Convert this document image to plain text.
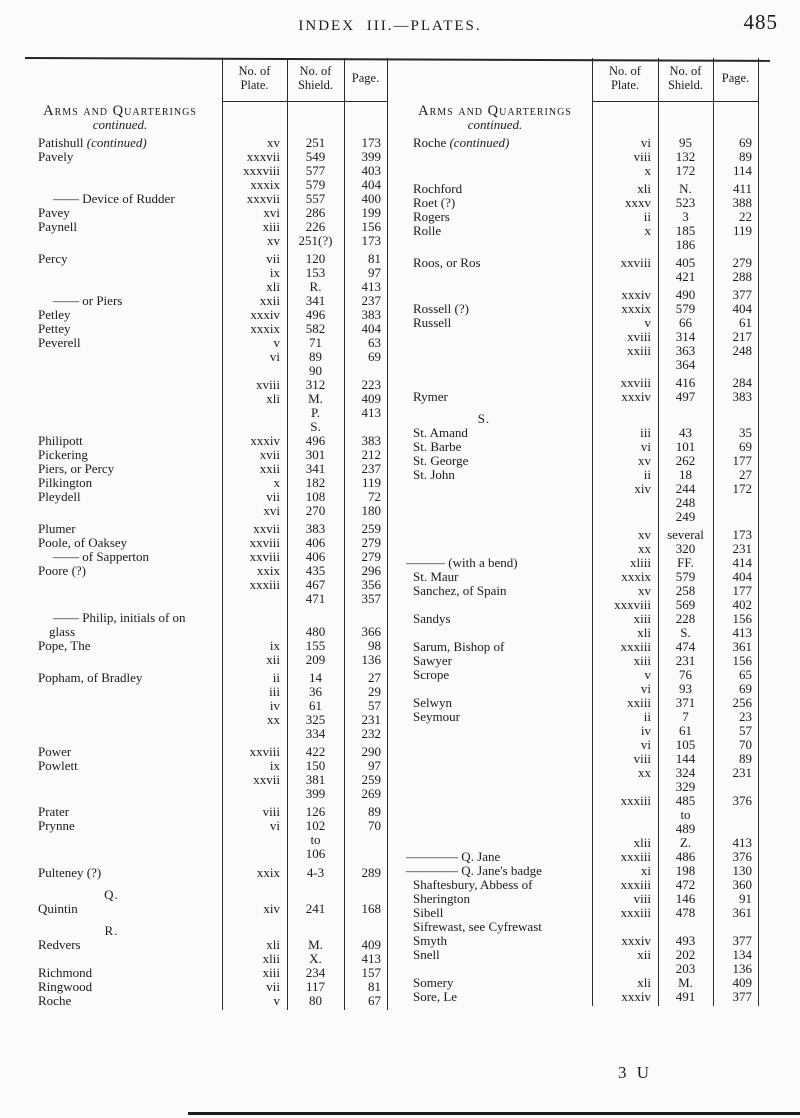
INDEX III.—PLATES.	485
No. of
Plate.
No. of
Shield.	Page.
Arms and Quarterings
continued.
Patishull (continued)	xv	251	173
Pavely	xxxvii	549	399
xxxviii	577	403
xxxix	579	404
—— Device of Rudder	xxxvii	557	400
Pavey	xvi	286	199
Paynell	xiii	226	156
xv	251(?)	173
Percy	vii	120	81
ix	153	97
xli	R.	413
—— or Piers	xxii	341	237
Petley	xxxiv	496	383
Pettey	xxxix	582	404
Peverell	v	71	63
vi	89	69
90
xviii	312	223
xli	M.	409
P.	413
S.
Philipott	xxxiv	496	383
Pickering	xvii	301	212
Piers, or Percy	xxii	341	237
Pilkington	x	182	119
Pleydell	vii	108	72
xvi	270	180
Plumer	xxvii	383	259
Poole, of Oaksey	xxviii	406	279
—— of Sapperton	xxviii	406	279
Poore (?)	xxix	435	296
xxxiii	467	356
471	357
—— Philip, initials of on
glass	480	366
Pope, The	ix	155	98
xii	209	136
Popham, of Bradley	ii	14	27
iii	36	29
iv	61	57
xx	325	231
334	232
Power	xxviii	422	290
Powlett	ix	150	97
xxvii	381	259
399	269
Prater	viii	126	89
Prynne	vi	102	70
to
106
Pulteney (?)	xxix	4-3	289
Q.
Quintin	xiv	241	168
R.
Redvers	xli	M.	409
xlii	X.	413
Richmond	xiii	234	157
Ringwood	vii	117	81
Roche	v	80	67
No. of
Plate.
No. of
Shield.	Page.
Arms and Quarterings
continued.
Roche (continued)	vi	95	69
viii	132	89
x	172	114
Rochford	xli	N.	411
Roet (?)	xxxv	523	388
Rogers	ii	3	22
Rolle	x	185	119
186
Roos, or Ros	xxviii	405	279
421	288
xxxiv	490	377
Rossell (?)	xxxix	579	404
Russell	v	66	61
xviii	314	217
xxiii	363	248
364
xxviii	416	284
Rymer	xxxiv	497	383
S.
St. Amand	iii	43	35
St. Barbe	vi	101	69
St. George	xv	262	177
St. John	ii	18	27
xiv	244	172
248
249
xv	several	173
xx	320	231
——— (with a bend)	xliii	FF.	414
St. Maur	xxxix	579	404
Sanchez, of Spain	xv	258	177
xxxviii	569	402
Sandys	xiii	228	156
xli	S.	413
Sarum, Bishop of	xxxiii	474	361
Sawyer	xiii	231	156
Scrope	v	76	65
vi	93	69
Selwyn	xxiii	371	256
Seymour	ii	7	23
iv	61	57
vi	105	70
viii	144	89
xx	324	231
329
xxxiii	485	376
to
489
xlii	Z.	413
———— Q. Jane	xxxiii	486	376
———— Q. Jane's badge	xi	198	130
Shaftesbury, Abbess of	xxxiii	472	360
Sherington	viii	146	91
Sibell	xxxiii	478	361
Sifrewast, see Cyfrewast
Smyth	xxxiv	493	377
Snell	xii	202	134
203	136
Somery	xli	M.	409
Sore, Le	xxxiv	491	377
3 U
